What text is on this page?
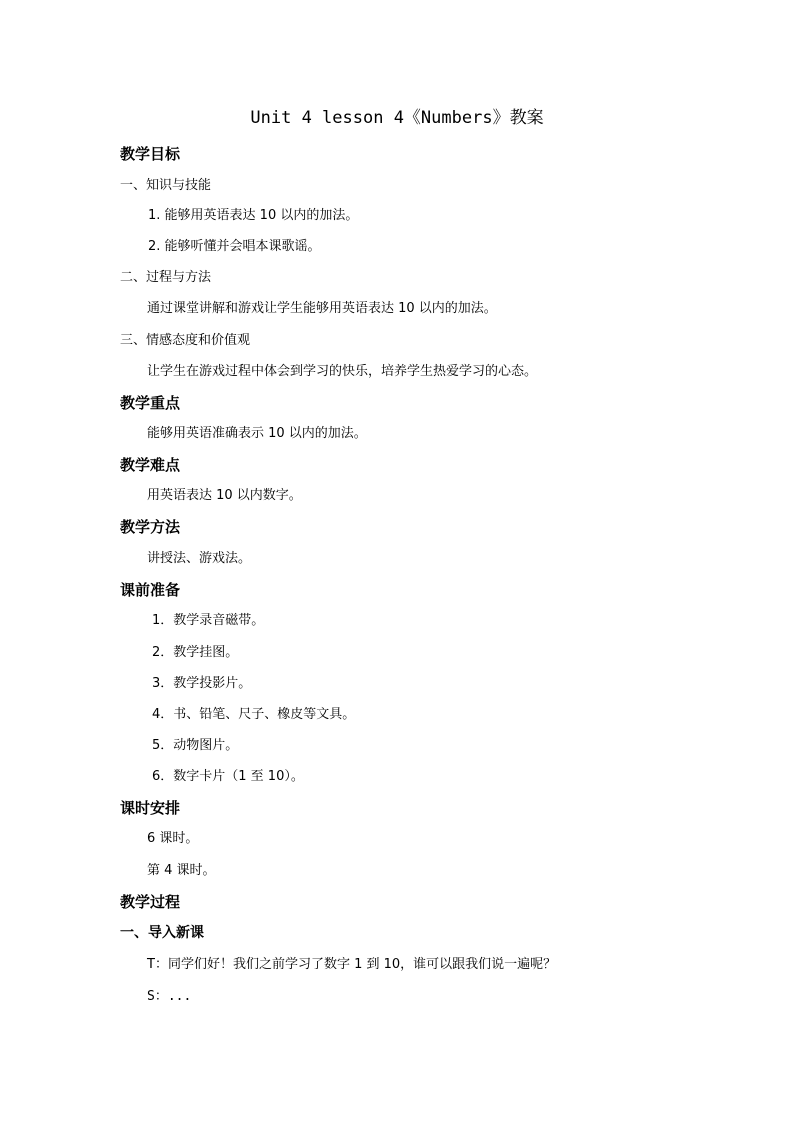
Unit 4 lesson 4《Numbers》教案
教学目标
一、知识与技能
1. 能够用英语表达 10 以内的加法。
2. 能够听懂并会唱本课歌谣。
二、过程与方法
通过课堂讲解和游戏让学生能够用英语表达 10 以内的加法。
三、情感态度和价值观
让学生在游戏过程中体会到学习的快乐，培养学生热爱学习的心态。
教学重点
能够用英语准确表示 10 以内的加法。
教学难点
用英语表达 10 以内数字。
教学方法
讲授法、游戏法。
课前准备
1．教学录音磁带。
2．教学挂图。
3．教学投影片。
4．书、铅笔、尺子、橡皮等文具。
5．动物图片。
6．数字卡片（1 至 10）。
课时安排
6 课时。
第 4 课时。
教学过程
一、导入新课
T：同学们好！我们之前学习了数字 1 到 10，谁可以跟我们说一遍呢？
S：...
